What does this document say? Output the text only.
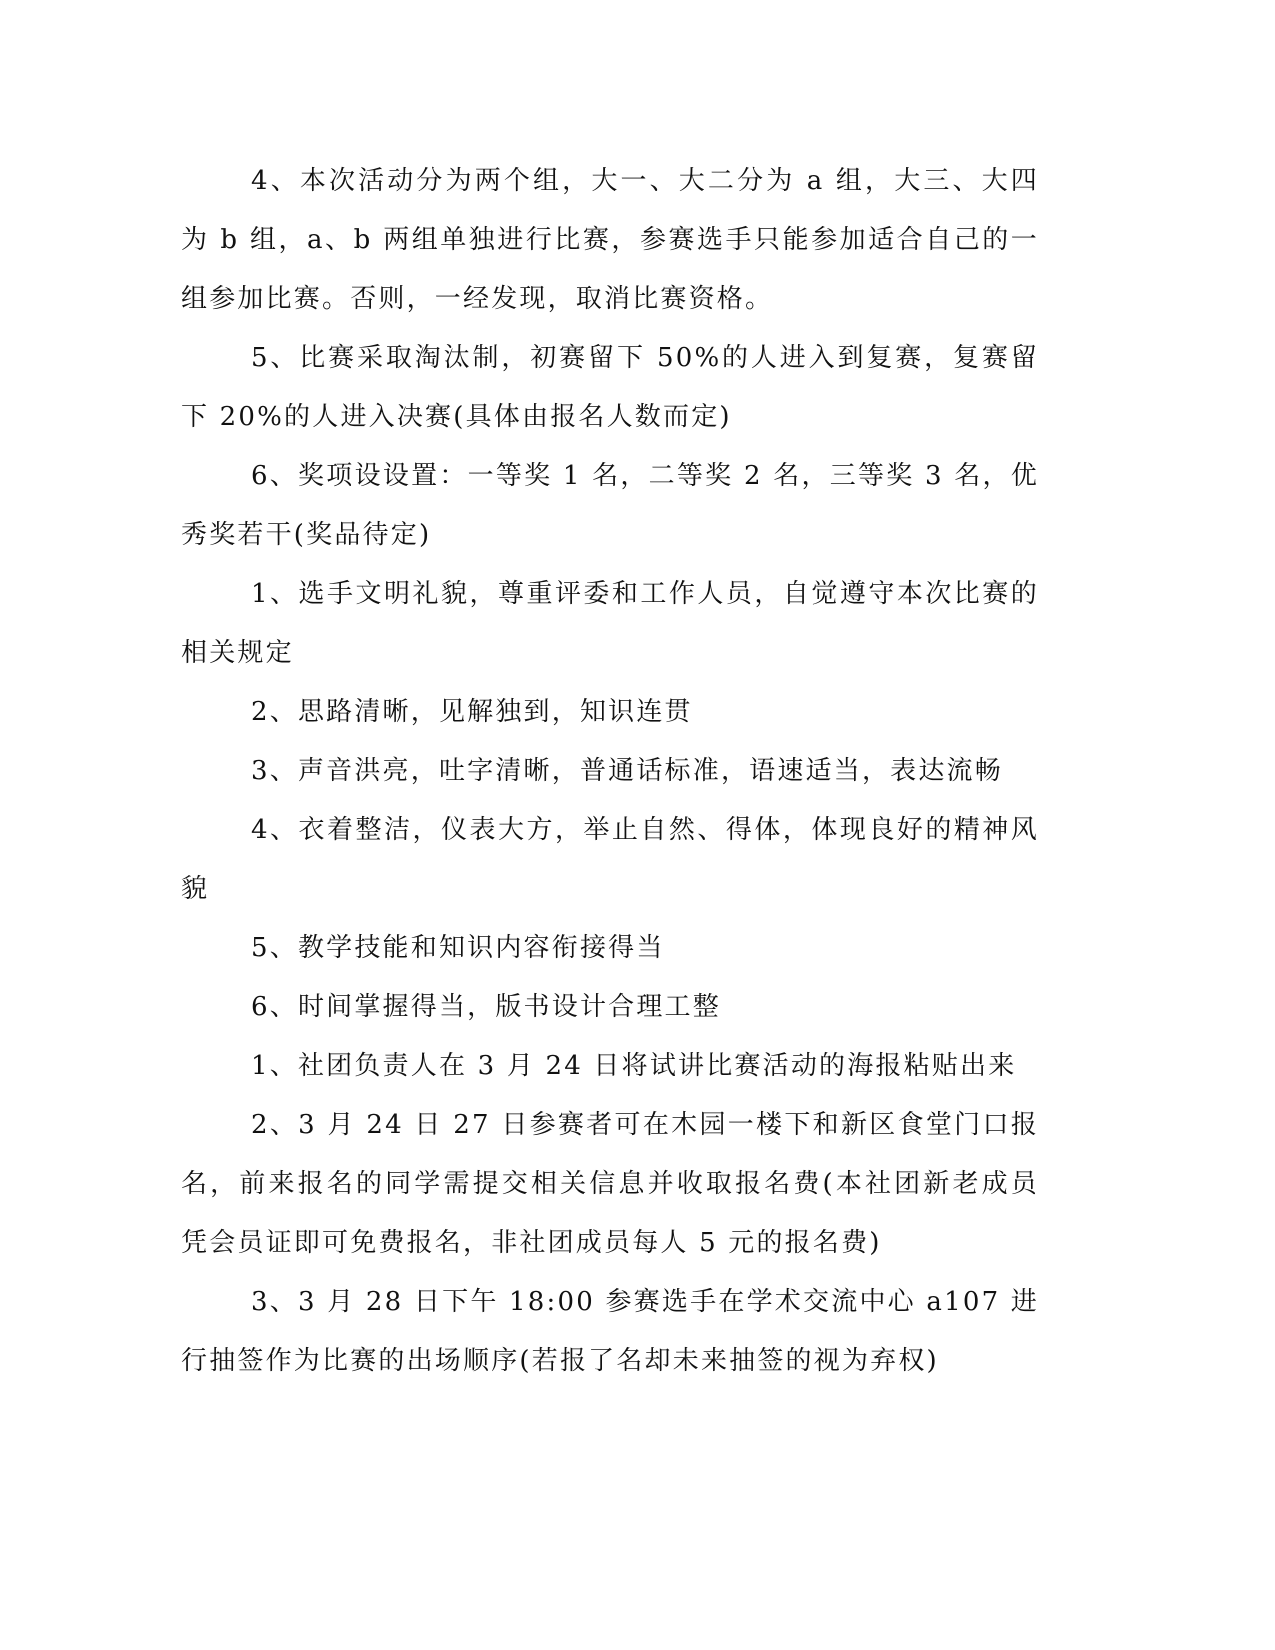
4、本次活动分为两个组，大一、大二分为 a 组，大三、大四为 b 组，a、b 两组单独进行比赛，参赛选手只能参加适合自己的一组参加比赛。否则，一经发现，取消比赛资格。

5、比赛采取淘汰制，初赛留下 50%的人进入到复赛，复赛留下 20%的人进入决赛(具体由报名人数而定)

6、奖项设设置：一等奖 1 名，二等奖 2 名，三等奖 3 名，优秀奖若干(奖品待定)

1、选手文明礼貌，尊重评委和工作人员，自觉遵守本次比赛的相关规定

2、思路清晰，见解独到，知识连贯

3、声音洪亮，吐字清晰，普通话标准，语速适当，表达流畅

4、衣着整洁，仪表大方，举止自然、得体，体现良好的精神风貌

5、教学技能和知识内容衔接得当

6、时间掌握得当，版书设计合理工整

1、社团负责人在 3 月 24 日将试讲比赛活动的海报粘贴出来

2、3 月 24 日 27 日参赛者可在木园一楼下和新区食堂门口报名，前来报名的同学需提交相关信息并收取报名费(本社团新老成员凭会员证即可免费报名，非社团成员每人 5 元的报名费)

3、3 月 28 日下午 18:00 参赛选手在学术交流中心 a107 进行抽签作为比赛的出场顺序(若报了名却未来抽签的视为弃权)
